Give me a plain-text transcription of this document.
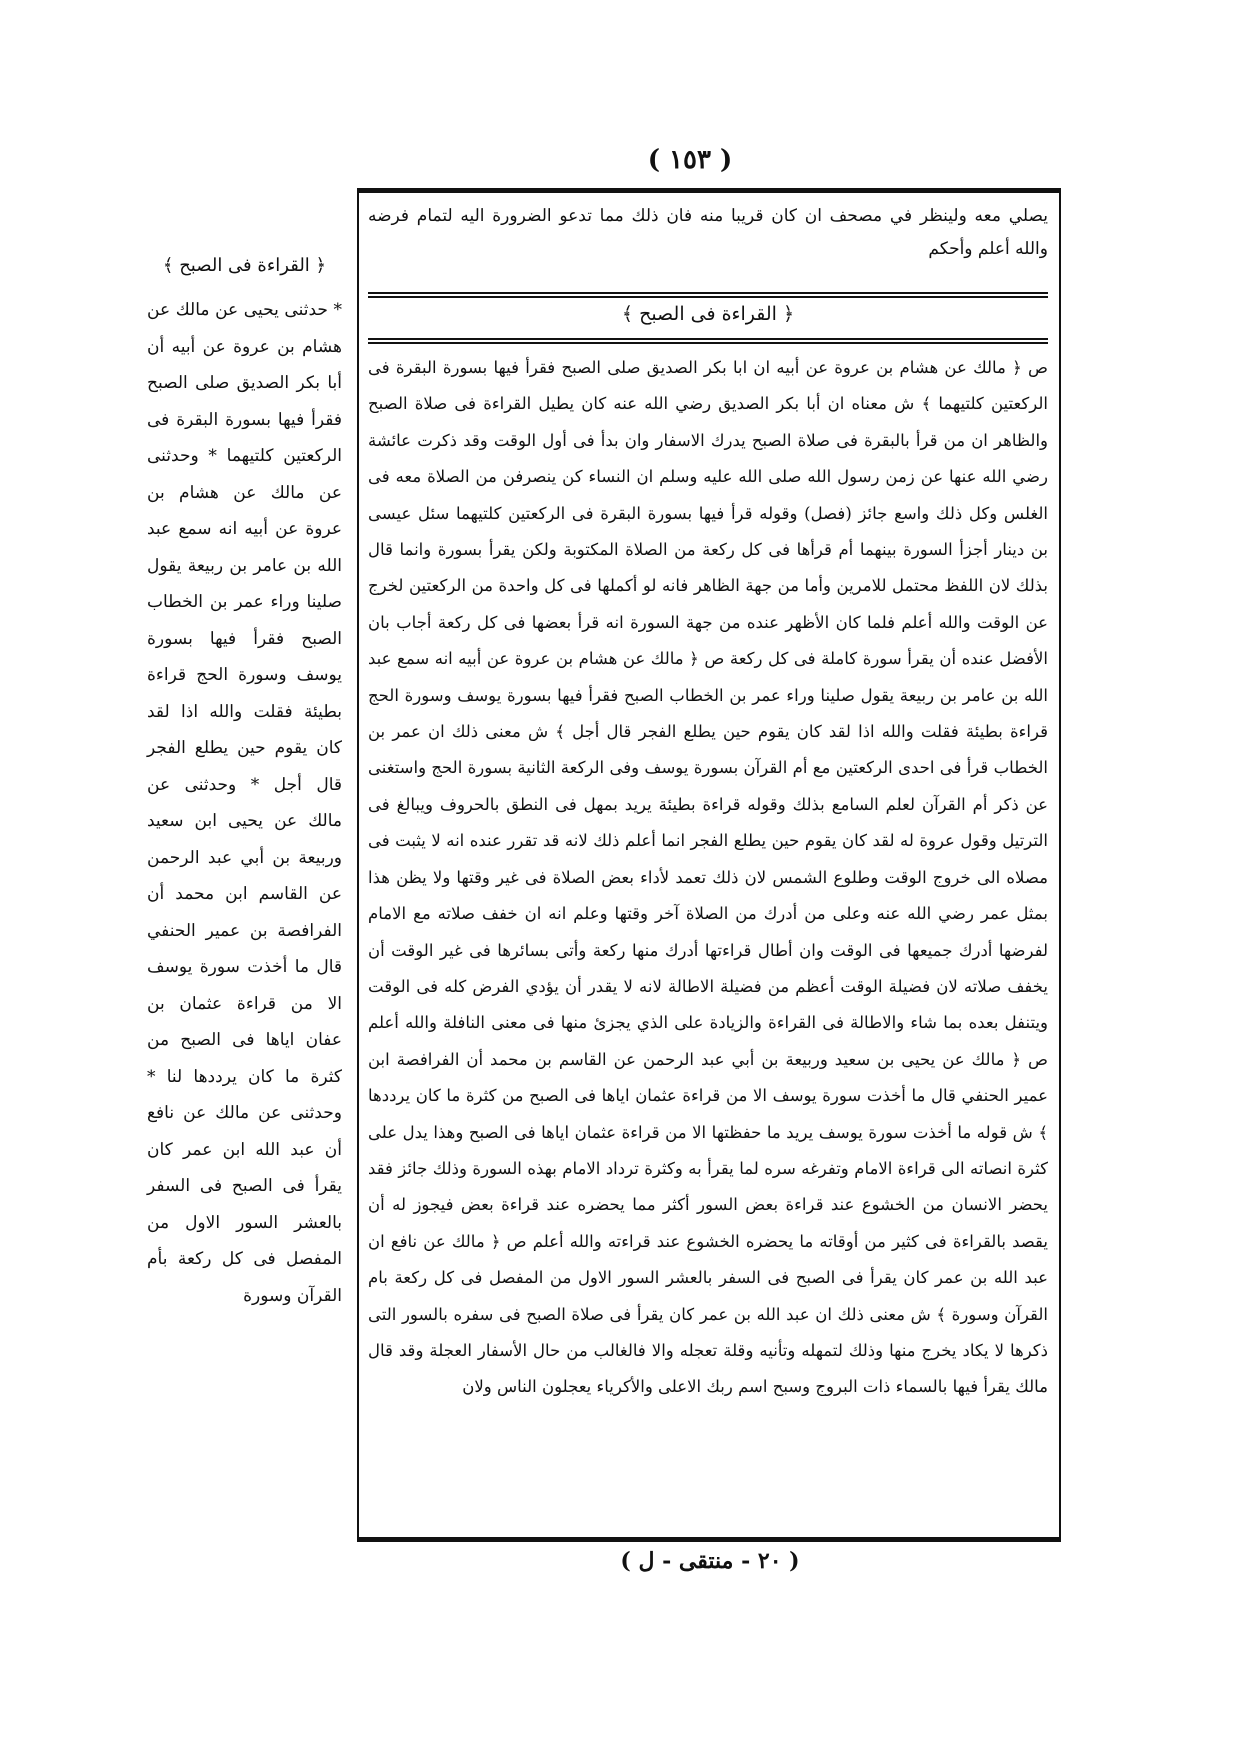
( ١٥٣ )
يصلي معه ولينظر في مصحف ان كان قريبا منه فان ذلك مما تدعو الضرورة اليه لتمام فرضه والله أعلم وأحكم
﴿ القراءة فى الصبح ﴾

ص ﴿ مالك عن هشام بن عروة عن أبيه ان ابا بكر الصديق صلى الصبح فقرأ فيها بسورة البقرة فى الركعتين كلتيهما ﴾ ش معناه ان أبا بكر الصديق رضي الله عنه كان يطيل القراءة فى صلاة الصبح والظاهر ان من قرأ بالبقرة فى صلاة الصبح يدرك الاسفار وان بدأ فى أول الوقت وقد ذكرت عائشة رضي الله عنها عن زمن رسول الله صلى الله عليه وسلم ان النساء كن ينصرفن من الصلاة معه فى الغلس وكل ذلك واسع جائز (فصل) وقوله قرأ فيها بسورة البقرة فى الركعتين كلتيهما سئل عيسى بن دينار أجزأ السورة بينهما أم قرأها فى كل ركعة من الصلاة المكتوبة ولكن يقرأ بسورة وانما قال بذلك لان اللفظ محتمل للامرين وأما من جهة الظاهر فانه لو أكملها فى كل واحدة من الركعتين لخرج عن الوقت والله أعلم فلما كان الأظهر عنده من جهة السورة انه قرأ بعضها فى كل ركعة أجاب بان الأفضل عنده أن يقرأ سورة كاملة فى كل ركعة ص ﴿ مالك عن هشام بن عروة عن أبيه انه سمع عبد الله بن عامر بن ربيعة يقول صلينا وراء عمر بن الخطاب الصبح فقرأ فيها بسورة يوسف وسورة الحج قراءة بطيئة فقلت والله اذا لقد كان يقوم حين يطلع الفجر قال أجل ﴾ ش معنى ذلك ان عمر بن الخطاب قرأ فى احدى الركعتين مع أم القرآن بسورة يوسف وفى الركعة الثانية بسورة الحج واستغنى عن ذكر أم القرآن لعلم السامع بذلك وقوله قراءة بطيئة يريد بمهل فى النطق بالحروف ويبالغ فى الترتيل وقول عروة له لقد كان يقوم حين يطلع الفجر انما أعلم ذلك لانه قد تقرر عنده انه لا يثبت فى مصلاه الى خروج الوقت وطلوع الشمس لان ذلك تعمد لأداء بعض الصلاة فى غير وقتها ولا يظن هذا بمثل عمر رضي الله عنه وعلى من أدرك من الصلاة آخر وقتها وعلم انه ان خفف صلاته مع الامام لفرضها أدرك جميعها فى الوقت وان أطال قراءتها أدرك منها ركعة وأتى بسائرها فى غير الوقت أن يخفف صلاته لان فضيلة الوقت أعظم من فضيلة الاطالة لانه لا يقدر أن يؤدي الفرض كله فى الوقت ويتنفل بعده بما شاء والاطالة فى القراءة والزيادة على الذي يجزئ منها فى معنى النافلة والله أعلم ص ﴿ مالك عن يحيى بن سعيد وربيعة بن أبي عبد الرحمن عن القاسم بن محمد أن الفرافصة ابن عمير الحنفي قال ما أخذت سورة يوسف الا من قراءة عثمان اياها فى الصبح من كثرة ما كان يرددها ﴾ ش قوله ما أخذت سورة يوسف يريد ما حفظتها الا من قراءة عثمان اياها فى الصبح وهذا يدل على كثرة انصاته الى قراءة الامام وتفرغه سره لما يقرأ به وكثرة ترداد الامام بهذه السورة وذلك جائز فقد يحضر الانسان من الخشوع عند قراءة بعض السور أكثر مما يحضره عند قراءة بعض فيجوز له أن يقصد بالقراءة فى كثير من أوقاته ما يحضره الخشوع عند قراءته والله أعلم ص ﴿ مالك عن نافع ان عبد الله بن عمر كان يقرأ فى الصبح فى السفر بالعشر السور الاول من المفصل فى كل ركعة بام القرآن وسورة ﴾ ش معنى ذلك ان عبد الله بن عمر كان يقرأ فى صلاة الصبح فى سفره بالسور التى ذكرها لا يكاد يخرج منها وذلك لتمهله وتأنيه وقلة تعجله والا فالغالب من حال الأسفار العجلة وقد قال مالك يقرأ فيها بالسماء ذات البروج وسبح اسم ربك الاعلى والأكرياء يعجلون الناس ولان

﴿ القراءة فى الصبح ﴾
* حدثنى يحيى عن مالك عن هشام بن عروة عن أبيه أن أبا بكر الصديق صلى الصبح فقرأ فيها بسورة البقرة فى الركعتين كلتيهما * وحدثنى عن مالك عن هشام بن عروة عن أبيه انه سمع عبد الله بن عامر بن ربيعة يقول صلينا وراء عمر بن الخطاب الصبح فقرأ فيها بسورة يوسف وسورة الحج قراءة بطيئة فقلت والله اذا لقد كان يقوم حين يطلع الفجر قال أجل * وحدثنى عن مالك عن يحيى ابن سعيد وربيعة بن أبي عبد الرحمن عن القاسم ابن محمد أن الفرافصة بن عمير الحنفي قال ما أخذت سورة يوسف الا من قراءة عثمان بن عفان اياها فى الصبح من كثرة ما كان يرددها لنا * وحدثنى عن مالك عن نافع أن عبد الله ابن عمر كان يقرأ فى الصبح فى السفر بالعشر السور الاول من المفصل فى كل ركعة بأم القرآن وسورة
( ٢٠ - منتقى - ل )
